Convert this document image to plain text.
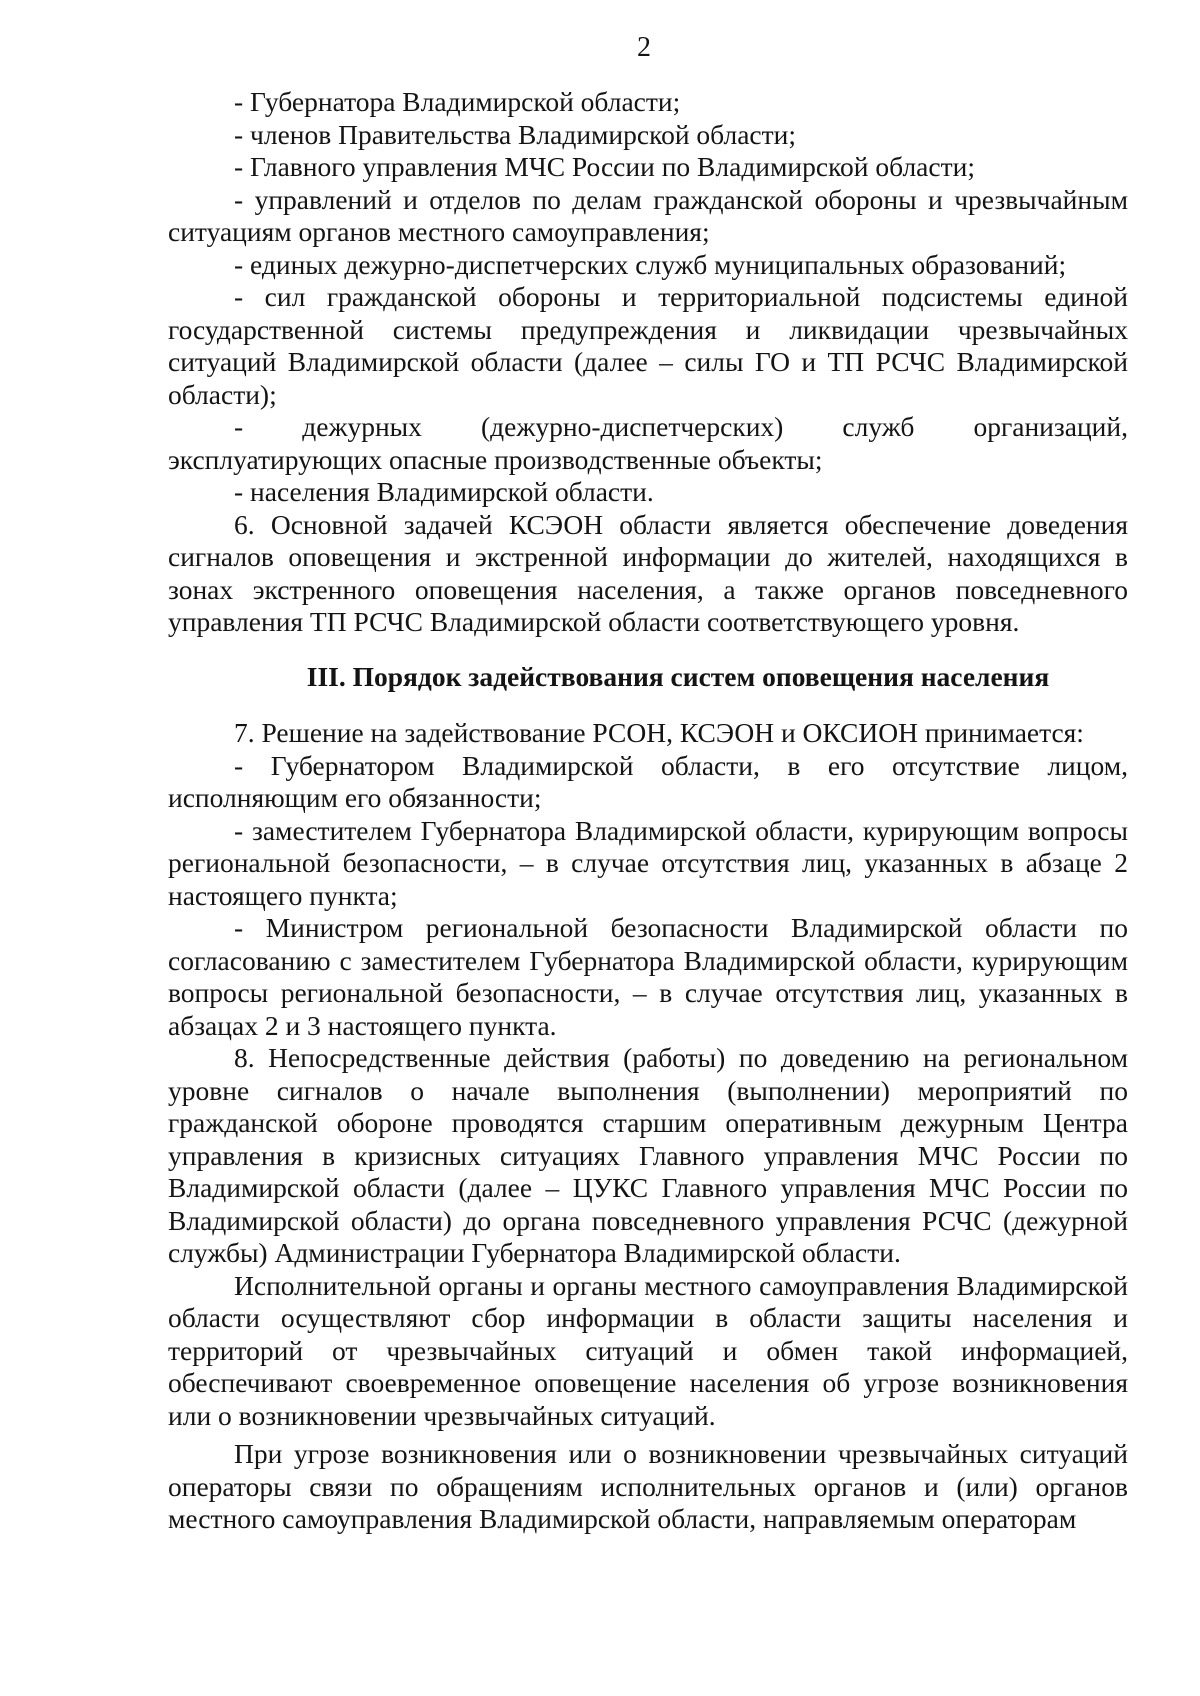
2

- Губернатора Владимирской области;

- членов Правительства Владимирской области;

- Главного управления МЧС России по Владимирской области;

- управлений и отделов по делам гражданской обороны и чрезвычайным ситуациям органов местного самоуправления;

- единых дежурно-диспетчерских служб муниципальных образований;

- сил гражданской обороны и территориальной подсистемы единой государственной системы предупреждения и ликвидации чрезвычайных ситуаций Владимирской области (далее – силы ГО и ТП РСЧС Владимирской области);

- дежурных (дежурно-диспетчерских) служб организаций, эксплуатирующих опасные производственные объекты;

- населения Владимирской области.

6. Основной задачей КСЭОН области является обеспечение доведения сигналов оповещения и экстренной информации до жителей, находящихся в зонах экстренного оповещения населения, а также органов повседневного управления ТП РСЧС Владимирской области соответствующего уровня.

III. Порядок задействования систем оповещения населения

7. Решение на задействование РСОН, КСЭОН и ОКСИОН принимается:

- Губернатором Владимирской области, в его отсутствие лицом, исполняющим его обязанности;

- заместителем Губернатора Владимирской области, курирующим вопросы региональной безопасности, – в случае отсутствия лиц, указанных в абзаце 2 настоящего пункта;

- Министром региональной безопасности Владимирской области по согласованию с заместителем Губернатора Владимирской области, курирующим вопросы региональной безопасности, – в случае отсутствия лиц, указанных в абзацах 2 и 3 настоящего пункта.

8. Непосредственные действия (работы) по доведению на региональном уровне сигналов о начале выполнения (выполнении) мероприятий по гражданской обороне проводятся старшим оперативным дежурным Центра управления в кризисных ситуациях Главного управления МЧС России по Владимирской области (далее – ЦУКС Главного управления МЧС России по Владимирской области) до органа повседневного управления РСЧС (дежурной службы) Администрации Губернатора Владимирской области.

Исполнительной органы и органы местного самоуправления Владимирской области осуществляют сбор информации в области защиты населения и территорий от чрезвычайных ситуаций и обмен такой информацией, обеспечивают своевременное оповещение населения об угрозе возникновения или о возникновении чрезвычайных ситуаций.

При угрозе возникновения или о возникновении чрезвычайных ситуаций операторы связи по обращениям исполнительных органов и (или) органов местного самоуправления Владимирской области, направляемым операторам
